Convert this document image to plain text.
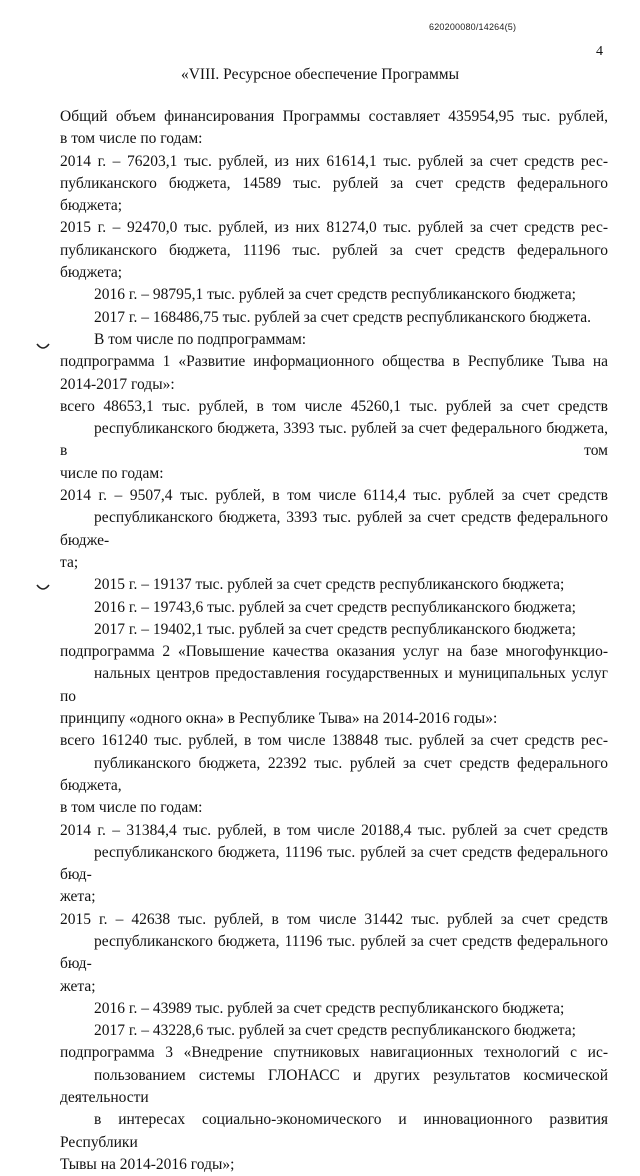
620200080/14264(5)
4
«VIII. Ресурсное обеспечение Программы
Общий объем финансирования Программы составляет 435954,95 тыс. рублей,
в том числе по годам:
2014 г. – 76203,1 тыс. рублей, из них 61614,1 тыс. рублей за счет средств рес-
публиканского бюджета, 14589 тыс. рублей за счет средств федерального бюджета;
2015 г. – 92470,0 тыс. рублей, из них 81274,0 тыс. рублей за счет средств рес-
публиканского бюджета, 11196 тыс. рублей за счет средств федерального бюджета;
2016 г. – 98795,1 тыс. рублей за счет средств республиканского бюджета;
2017 г. – 168486,75 тыс. рублей за счет средств республиканского бюджета.
В том числе по подпрограммам:
подпрограмма 1 «Развитие информационного общества в Республике Тыва на
2014-2017 годы»:
всего 48653,1 тыс. рублей, в том числе 45260,1 тыс. рублей за счет средств
республиканского бюджета, 3393 тыс. рублей за счет федерального бюджета, в том
числе по годам:
2014 г. – 9507,4 тыс. рублей, в том числе 6114,4 тыс. рублей за счет средств
республиканского бюджета, 3393 тыс. рублей за счет средств федерального бюдже-
та;
2015 г. – 19137 тыс. рублей за счет средств республиканского бюджета;
2016 г. – 19743,6 тыс. рублей за счет средств республиканского бюджета;
2017 г. – 19402,1 тыс. рублей за счет средств республиканского бюджета;
подпрограмма 2 «Повышение качества оказания услуг на базе многофункцио-
нальных центров предоставления государственных и муниципальных услуг по
принципу «одного окна» в Республике Тыва» на 2014-2016 годы»:
всего 161240 тыс. рублей, в том числе 138848 тыс. рублей за счет средств рес-
публиканского бюджета, 22392 тыс. рублей за счет средств федерального бюджета,
в том числе по годам:
2014 г. – 31384,4 тыс. рублей, в том числе 20188,4 тыс. рублей за счет средств
республиканского бюджета, 11196 тыс. рублей за счет средств федерального бюд-
жета;
2015 г. – 42638 тыс. рублей, в том числе 31442 тыс. рублей за счет средств
республиканского бюджета, 11196 тыс. рублей за счет средств федерального бюд-
жета;
2016 г. – 43989 тыс. рублей за счет средств республиканского бюджета;
2017 г. – 43228,6 тыс. рублей за счет средств республиканского бюджета;
подпрограмма 3 «Внедрение спутниковых навигационных технологий с ис-
пользованием системы ГЛОНАСС и других результатов космической деятельности
в интересах социально-экономического и инновационного развития Республики
Тывы на 2014-2016 годы»;
